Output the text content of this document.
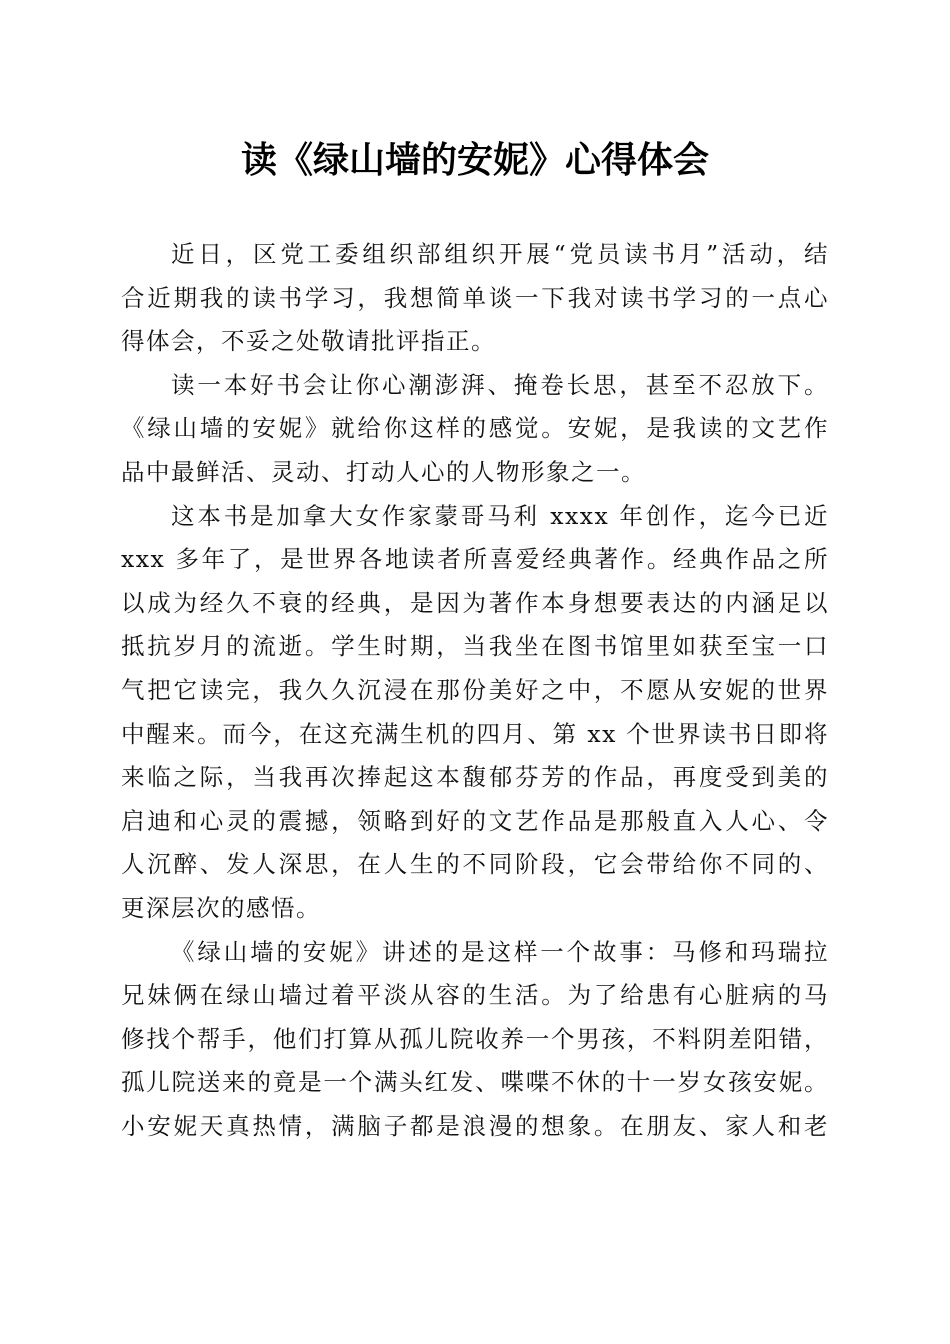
读《绿山墙的安妮》心得体会
近日，区党工委组织部组织开展“党员读书月”活动，结
合近期我的读书学习，我想简单谈一下我对读书学习的一点心
得体会，不妥之处敬请批评指正。
读一本好书会让你心潮澎湃、掩卷长思，甚至不忍放下。
《绿山墙的安妮》就给你这样的感觉。安妮，是我读的文艺作
品中最鲜活、灵动、打动人心的人物形象之一。
这本书是加拿大女作家蒙哥马利 xxxx 年创作，迄今已近
xxx 多年了，是世界各地读者所喜爱经典著作。经典作品之所
以成为经久不衰的经典，是因为著作本身想要表达的内涵足以
抵抗岁月的流逝。学生时期，当我坐在图书馆里如获至宝一口
气把它读完，我久久沉浸在那份美好之中，不愿从安妮的世界
中醒来。而今，在这充满生机的四月、第 xx 个世界读书日即将
来临之际，当我再次捧起这本馥郁芬芳的作品，再度受到美的
启迪和心灵的震撼，领略到好的文艺作品是那般直入人心、令
人沉醉、发人深思，在人生的不同阶段，它会带给你不同的、
更深层次的感悟。
《绿山墙的安妮》讲述的是这样一个故事：马修和玛瑞拉
兄妹俩在绿山墙过着平淡从容的生活。为了给患有心脏病的马
修找个帮手，他们打算从孤儿院收养一个男孩，不料阴差阳错，
孤儿院送来的竟是一个满头红发、喋喋不休的十一岁女孩安妮。
小安妮天真热情，满脑子都是浪漫的想象。在朋友、家人和老
